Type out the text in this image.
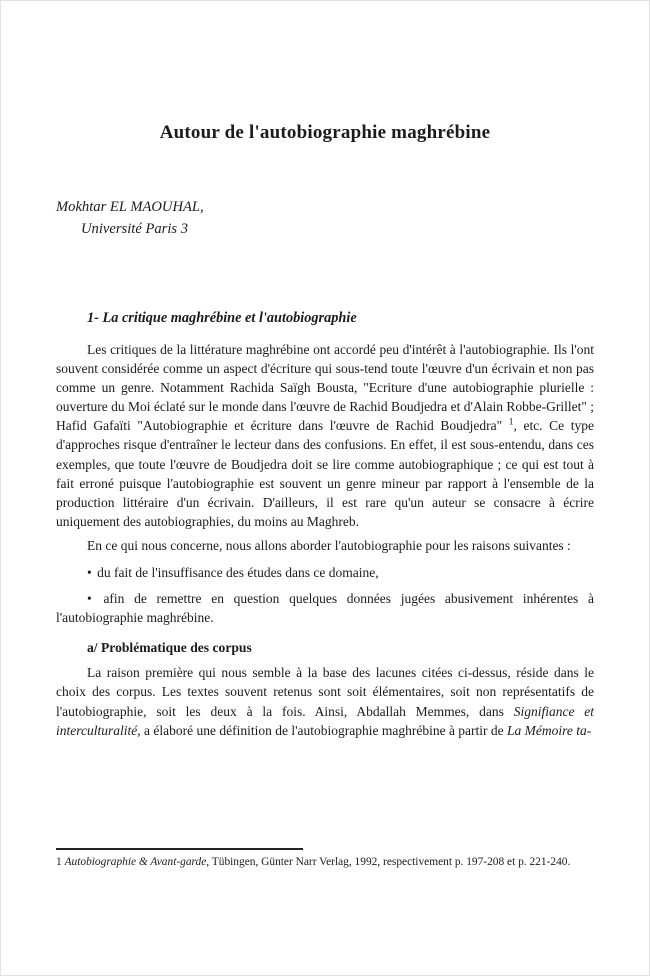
Autour de l'autobiographie maghrébine
Mokhtar EL MAOUHAL,
Université Paris 3
1- La critique maghrébine et l'autobiographie

Les critiques de la littérature maghrébine ont accordé peu d'intérêt à l'autobiographie. Ils l'ont souvent considérée comme un aspect d'écriture qui sous-tend toute l'œuvre d'un écrivain et non pas comme un genre. Notamment Rachida Saïgh Bousta, "Ecriture d'une autobiographie plurielle : ouverture du Moi éclaté sur le monde dans l'œuvre de Rachid Boudjedra et d'Alain Robbe-Grillet" ; Hafid Gafaïti "Autobiographie et écriture dans l'œuvre de Rachid Boudjedra" $^1$, etc. Ce type d'approches risque d'entraîner le lecteur dans des confusions. En effet, il est sous-entendu, dans ces exemples, que toute l'œuvre de Boudjedra doit se lire comme autobiographique ; ce qui est tout à fait erroné puisque l'autobiographie est souvent un genre mineur par rapport à l'ensemble de la production littéraire d'un écrivain. D'ailleurs, il est rare qu'un auteur se consacre à écrire uniquement des autobiographies, du moins au Maghreb.

En ce qui nous concerne, nous allons aborder l'autobiographie pour les raisons suivantes :

• du fait de l'insuffisance des études dans ce domaine,

• afin de remettre en question quelques données jugées abusivement inhérentes à l'autobiographie maghrébine.

a/ Problématique des corpus

La raison première qui nous semble à la base des lacunes citées ci-dessus, réside dans le choix des corpus. Les textes souvent retenus sont soit élémentaires, soit non représentatifs de l'autobiographie, soit les deux à la fois. Ainsi, Abdallah Memmes, dans Signifiance et interculturalité, a élaboré une définition de l'autobiographie maghrébine à partir de La Mémoire ta-

1 Autobiographie & Avant-garde, Tübingen, Günter Narr Verlag, 1992, respectivement p. 197-208 et p. 221-240.
